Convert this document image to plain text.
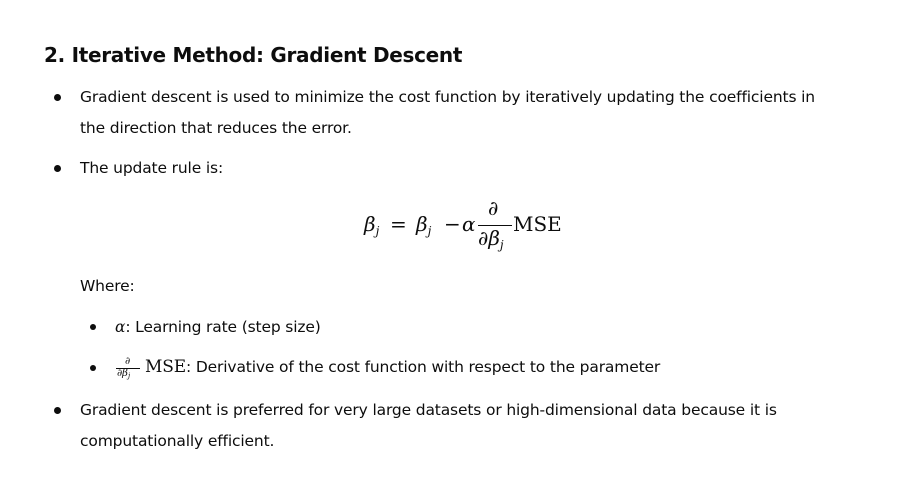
2. Iterative Method: Gradient Descent
Gradient descent is used to minimize the cost function by iteratively updating the coefficients in
the direction that reduces the error.
The update rule is:
$\beta_j = \beta_j - \alpha$
∂
$\partial\beta_j$
MSE
Where:
α: Learning rate (step size)
∂
$\partial\beta_j$ MSE: Derivative of the cost function with respect to the parameter
Gradient descent is preferred for very large datasets or high-dimensional data because it is
computationally efficient.
